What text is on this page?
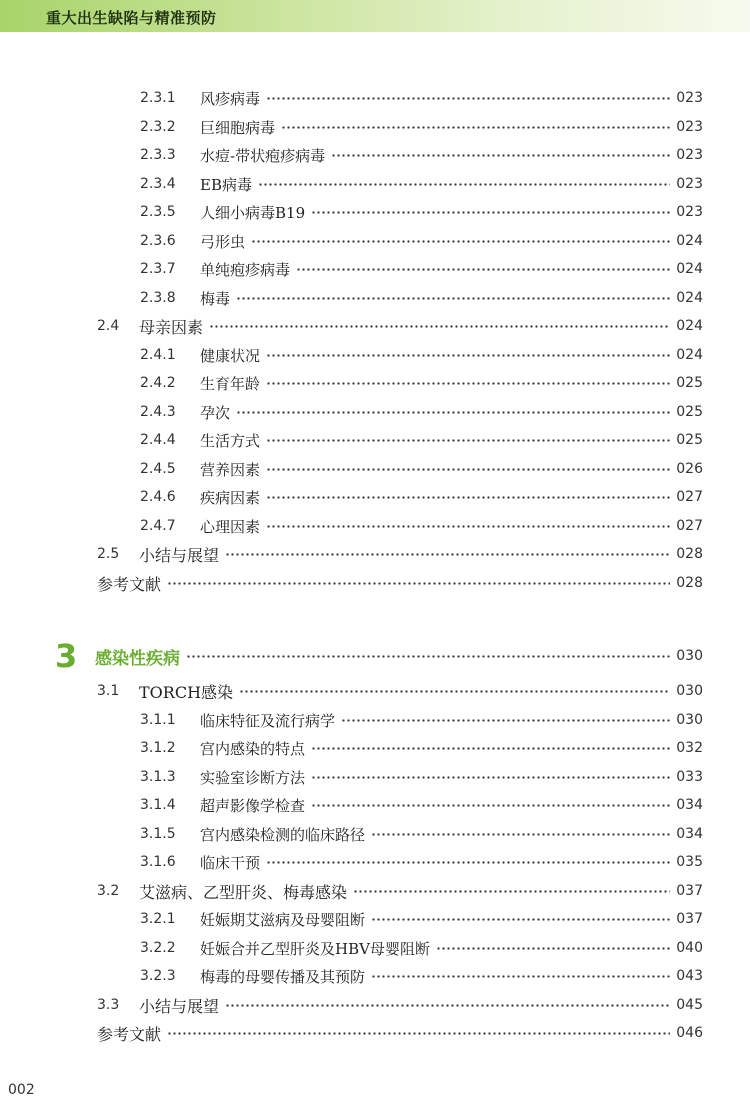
重大出生缺陷与精准预防
2.3.1	风疹病毒	023
2.3.2	巨细胞病毒	023
2.3.3	水痘-带状疱疹病毒	023
2.3.4	EB病毒	023
2.3.5	人细小病毒B19	023
2.3.6	弓形虫	024
2.3.7	单纯疱疹病毒	024
2.3.8	梅毒	024
2.4	母亲因素	024
2.4.1	健康状况	024
2.4.2	生育年龄	025
2.4.3	孕次	025
2.4.4	生活方式	025
2.4.5	营养因素	026
2.4.6	疾病因素	027
2.4.7	心理因素	027
2.5	小结与展望	028
参考文献	028
3	感染性疾病	030
3.1	TORCH感染	030
3.1.1	临床特征及流行病学	030
3.1.2	宫内感染的特点	032
3.1.3	实验室诊断方法	033
3.1.4	超声影像学检查	034
3.1.5	宫内感染检测的临床路径	034
3.1.6	临床干预	035
3.2	艾滋病、乙型肝炎、梅毒感染	037
3.2.1	妊娠期艾滋病及母婴阻断	037
3.2.2	妊娠合并乙型肝炎及HBV母婴阻断	040
3.2.3	梅毒的母婴传播及其预防	043
3.3	小结与展望	045
参考文献	046
002
